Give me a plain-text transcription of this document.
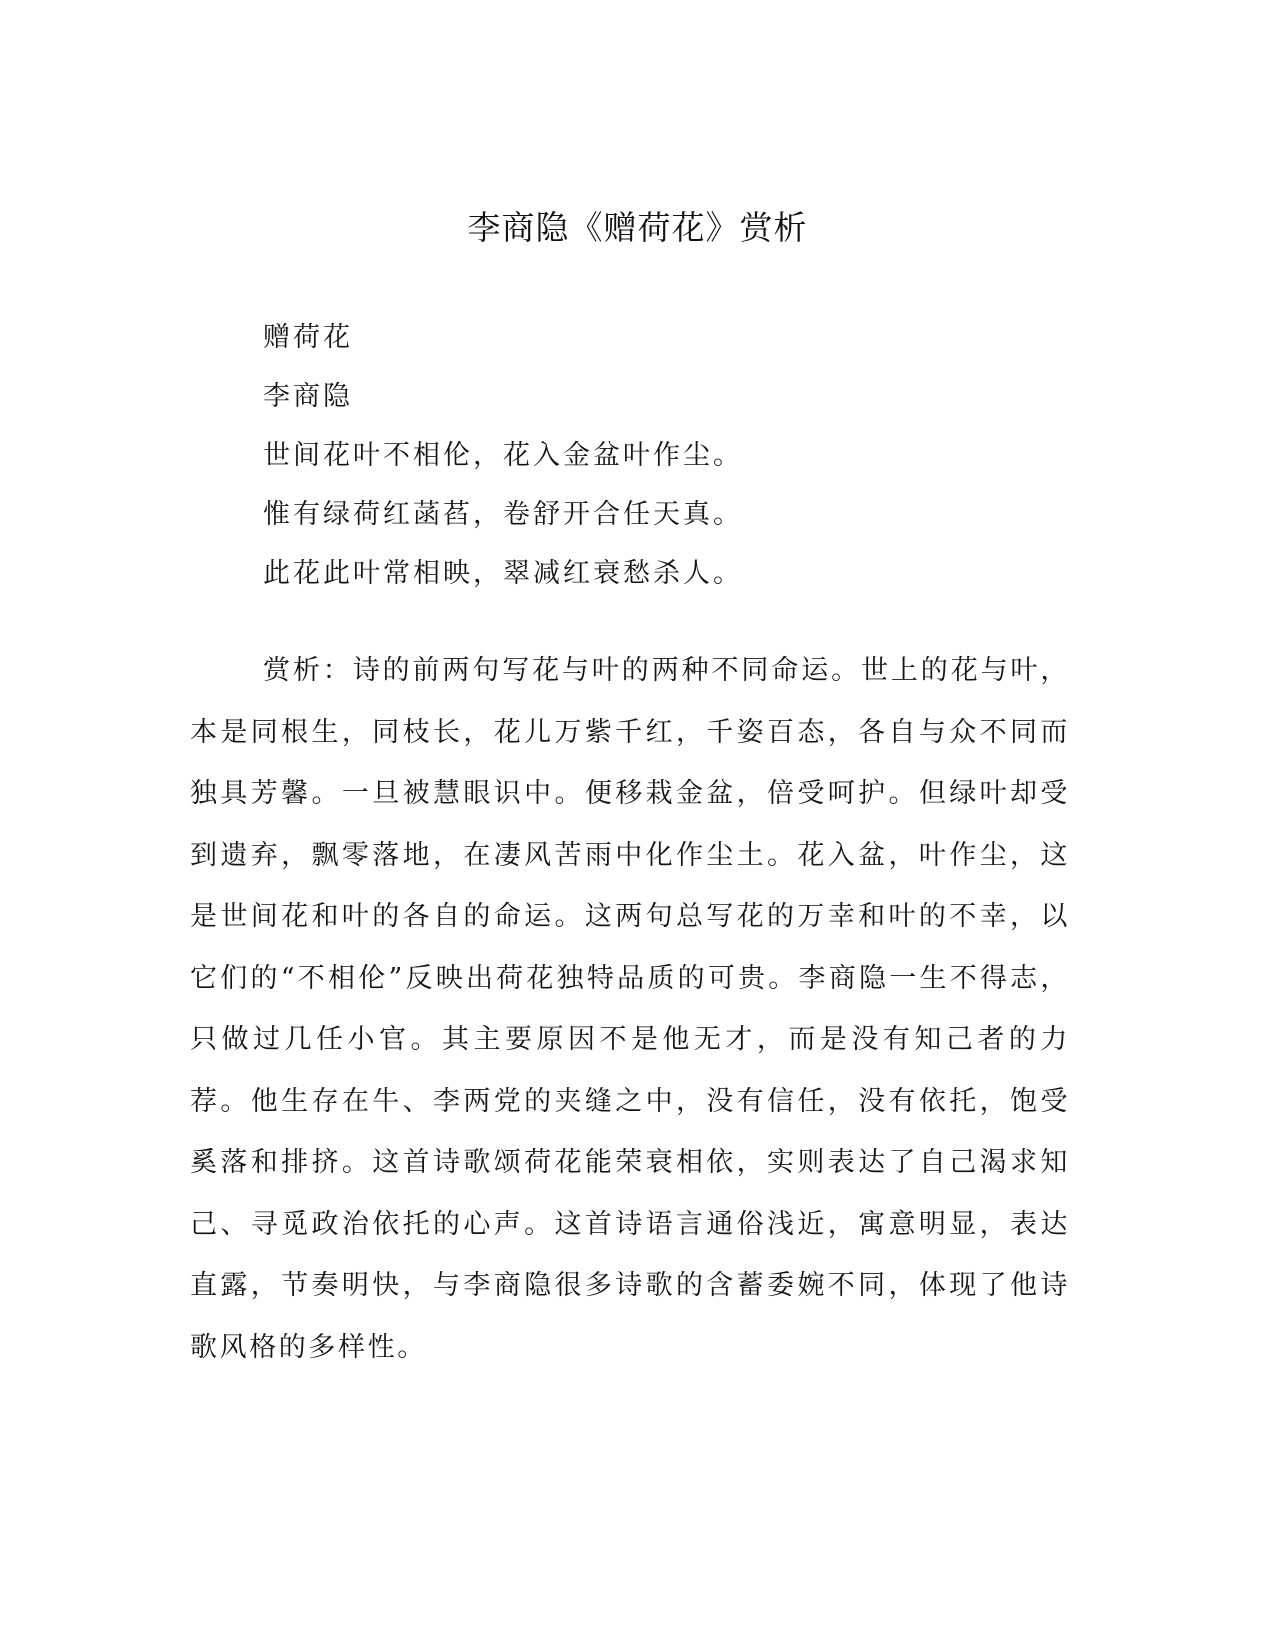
李商隐《赠荷花》赏析
赠荷花
李商隐
世间花叶不相伦，花入金盆叶作尘。
惟有绿荷红菡萏，卷舒开合任天真。
此花此叶常相映，翠减红衰愁杀人。

赏析：诗的前两句写花与叶的两种不同命运。世上的花与叶，本是同根生，同枝长，花儿万紫千红，千姿百态，各自与众不同而独具芳馨。一旦被慧眼识中。便移栽金盆，倍受呵护。但绿叶却受到遗弃，飘零落地，在凄风苦雨中化作尘土。花入盆，叶作尘，这是世间花和叶的各自的命运。这两句总写花的万幸和叶的不幸，以它们的“不相伦”反映出荷花独特品质的可贵。李商隐一生不得志，只做过几任小官。其主要原因不是他无才，而是没有知己者的力荐。他生存在牛、李两党的夹缝之中，没有信任，没有依托，饱受奚落和排挤。这首诗歌颂荷花能荣衰相依，实则表达了自己渴求知己、寻觅政治依托的心声。这首诗语言通俗浅近，寓意明显，表达直露，节奏明快，与李商隐很多诗歌的含蓄委婉不同，体现了他诗歌风格的多样性。
